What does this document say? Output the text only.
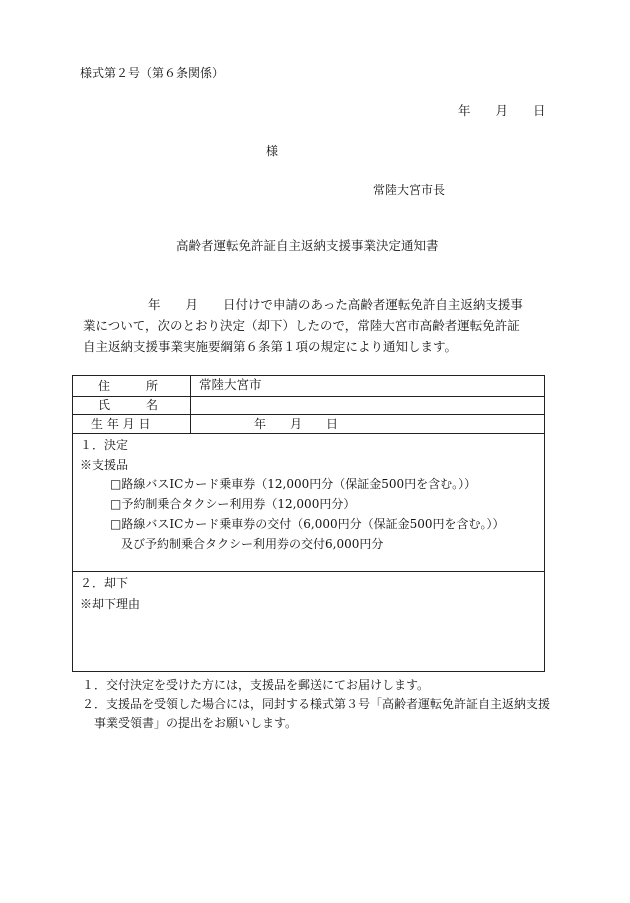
様式第２号（第６条関係）
年　　月　　日
様
常陸大宮市長
高齢者運転免許証自主返納支援事業決定通知書
年　　月　　日付けで申請のあった高齢者運転免許自主返納支援事
業について，次のとおり決定（却下）したので，常陸大宮市高齢者運転免許証
自主返納支援事業実施要綱第６条第１項の規定により通知します。
住　　　所	常陸大宮市
氏　　　名
生 年 月 日	年　　月　　日
１．決定
※支援品
□路線バスICカード乗車券（12,000円分（保証金500円を含む。））
□予約制乗合タクシー利用券（12,000円分）
□路線バスICカード乗車券の交付（6,000円分（保証金500円を含む。））
及び予約制乗合タクシー利用券の交付6,000円分
２．却下
※却下理由
１．交付決定を受けた方には，支援品を郵送にてお届けします。
２．支援品を受領した場合には，同封する様式第３号「高齢者運転免許証自主返納支援
事業受領書」の提出をお願いします。
